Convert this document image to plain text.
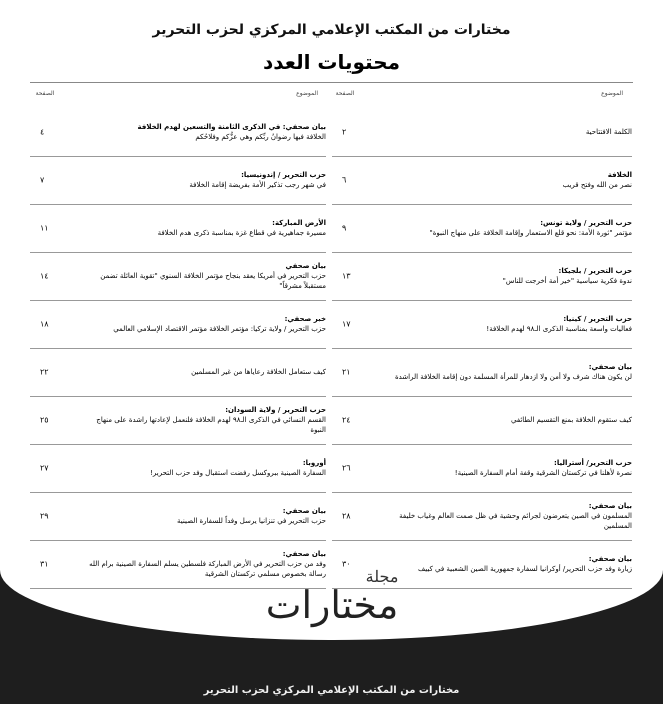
مختارات من المكتب الإعلامي المركزي لحزب التحرير
محتويات العدد
الموضوع
الصفحة
الموضوع
الصفحة
الكلمة الافتتاحية
٢
الخلافة
نصر من الله وفتح قريب
٦
حزب التحرير / ولاية تونس:
مؤتمر "ثورة الأمة: نحو قلع الاستعمار وإقامة الخلافة على منهاج النبوة"
٩
حزب التحرير / بلجيكا:
ندوة فكرية سياسية "خير أمة أخرجت للناس"
١٣
حزب التحرير / كينيا:
فعاليات واسعة بمناسبة الذكرى الـ٩٨ لهدم الخلافة!
١٧
بيان صحفي:
لن يكون هناك شرف ولا أمن ولا ازدهار للمرأة المسلمة دون إقامة الخلافة الراشدة
٢١
كيف ستقوم الخلافة بمنع التقسيم الطائفي
٢٤
حزب التحرير/ أستراليا:
نصرة لأهلنا في تركستان الشرقية وقفة أمام السفارة الصينية!
٢٦
بيان صحفي:
المسلمون في الصين يتعرضون لجرائم وحشية في ظل صمت العالم وغياب خليفة المسلمين
٢٨
بيان صحفي:
زيارة وفد حزب التحرير/ أوكرانيا لسفارة جمهورية الصين الشعبية في كييف
٣٠
بيان صحفي: في الذكرى الثامنة والتسعين لهدم الخلافة
الخلافة فيها رضوانُ ربِّكم وهي عزُّكم وفلاحُكم
٤
حزب التحرير / إندونيسيا:
في شهر رجب تذكير الأمة بفريضة إقامة الخلافة
٧
الأرض المباركة:
مسيرة جماهيرية في قطاع غزة بمناسبة ذكرى هدم الخلافة
١١
بيان صحفي
حزب التحرير في أمريكا يعقد بنجاح مؤتمر الخلافة السنوي "تقوية العائلة تضمن مستقبلاً مشرقاً"
١٤
خبر صحفي:
حزب التحرير / ولاية تركيا: مؤتمر الخلافة مؤتمر الاقتصاد الإسلامي العالمي
١٨
كيف ستعامل الخلافة رعاياها من غير المسلمين
٢٢
حزب التحرير / ولاية السودان:
القسم النسائي في الذكرى الـ٩٨ لهدم الخلافة فلنعمل لإعادتها راشدة على منهاج النبوة
٢٥
أوروبا:
السفارة الصينية ببروكسل رفضت استقبال وفد حزب التحرير!
٢٧
بيان صحفي:
حزب التحرير في تنزانيا يرسل وفداً للسفارة الصينية
٢٩
بيان صحفي:
وفد من حزب التحرير في الأرض المباركة فلسطين يسلم السفارة الصينية برام الله رسالة بخصوص مسلمي تركستان الشرقية
٣١
مجلة
مختارات
مختارات من المكتب الإعلامي المركزي لحزب التحرير
